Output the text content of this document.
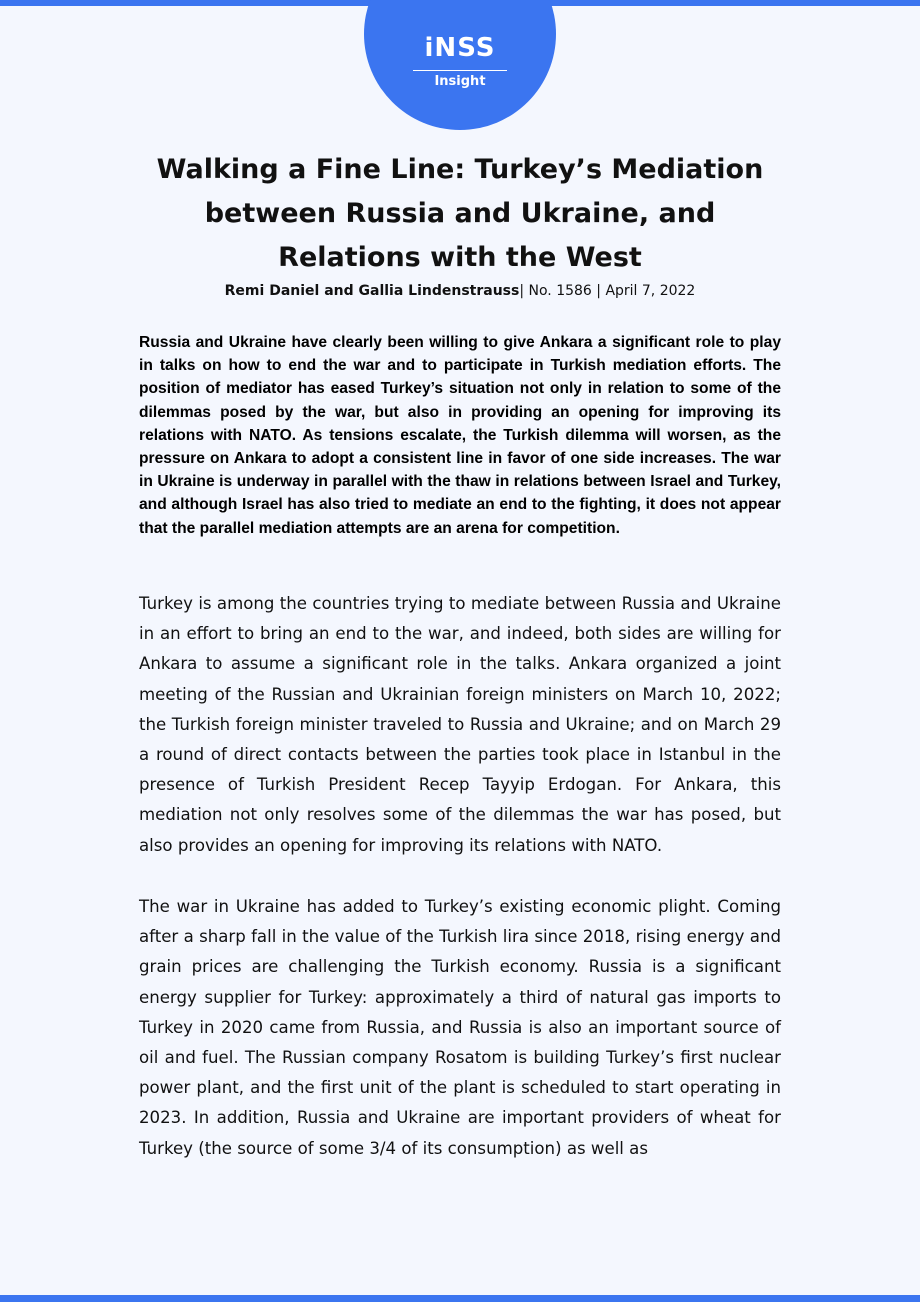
iNSS
Insight
Walking a Fine Line: Turkey’s Mediation between Russia and Ukraine, and Relations with the West

Remi Daniel and Gallia Lindenstrauss| No. 1586 | April 7, 2022

Russia and Ukraine have clearly been willing to give Ankara a significant role to play in talks on how to end the war and to participate in Turkish mediation efforts. The position of mediator has eased Turkey’s situation not only in relation to some of the dilemmas posed by the war, but also in providing an opening for improving its relations with NATO. As tensions escalate, the Turkish dilemma will worsen, as the pressure on Ankara to adopt a consistent line in favor of one side increases. The war in Ukraine is underway in parallel with the thaw in relations between Israel and Turkey, and although Israel has also tried to mediate an end to the fighting, it does not appear that the parallel mediation attempts are an arena for competition.

Turkey is among the countries trying to mediate between Russia and Ukraine in an effort to bring an end to the war, and indeed, both sides are willing for Ankara to assume a significant role in the talks. Ankara organized a joint meeting of the Russian and Ukrainian foreign ministers on March 10, 2022; the Turkish foreign minister traveled to Russia and Ukraine; and on March 29 a round of direct contacts between the parties took place in Istanbul in the presence of Turkish President Recep Tayyip Erdogan. For Ankara, this mediation not only resolves some of the dilemmas the war has posed, but also provides an opening for improving its relations with NATO.

The war in Ukraine has added to Turkey’s existing economic plight. Coming after a sharp fall in the value of the Turkish lira since 2018, rising energy and grain prices are challenging the Turkish economy. Russia is a significant energy supplier for Turkey: approximately a third of natural gas imports to Turkey in 2020 came from Russia, and Russia is also an important source of oil and fuel. The Russian company Rosatom is building Turkey’s first nuclear power plant, and the first unit of the plant is scheduled to start operating in 2023. In addition, Russia and Ukraine are important providers of wheat for Turkey (the source of some 3/4 of its consumption) as well as
